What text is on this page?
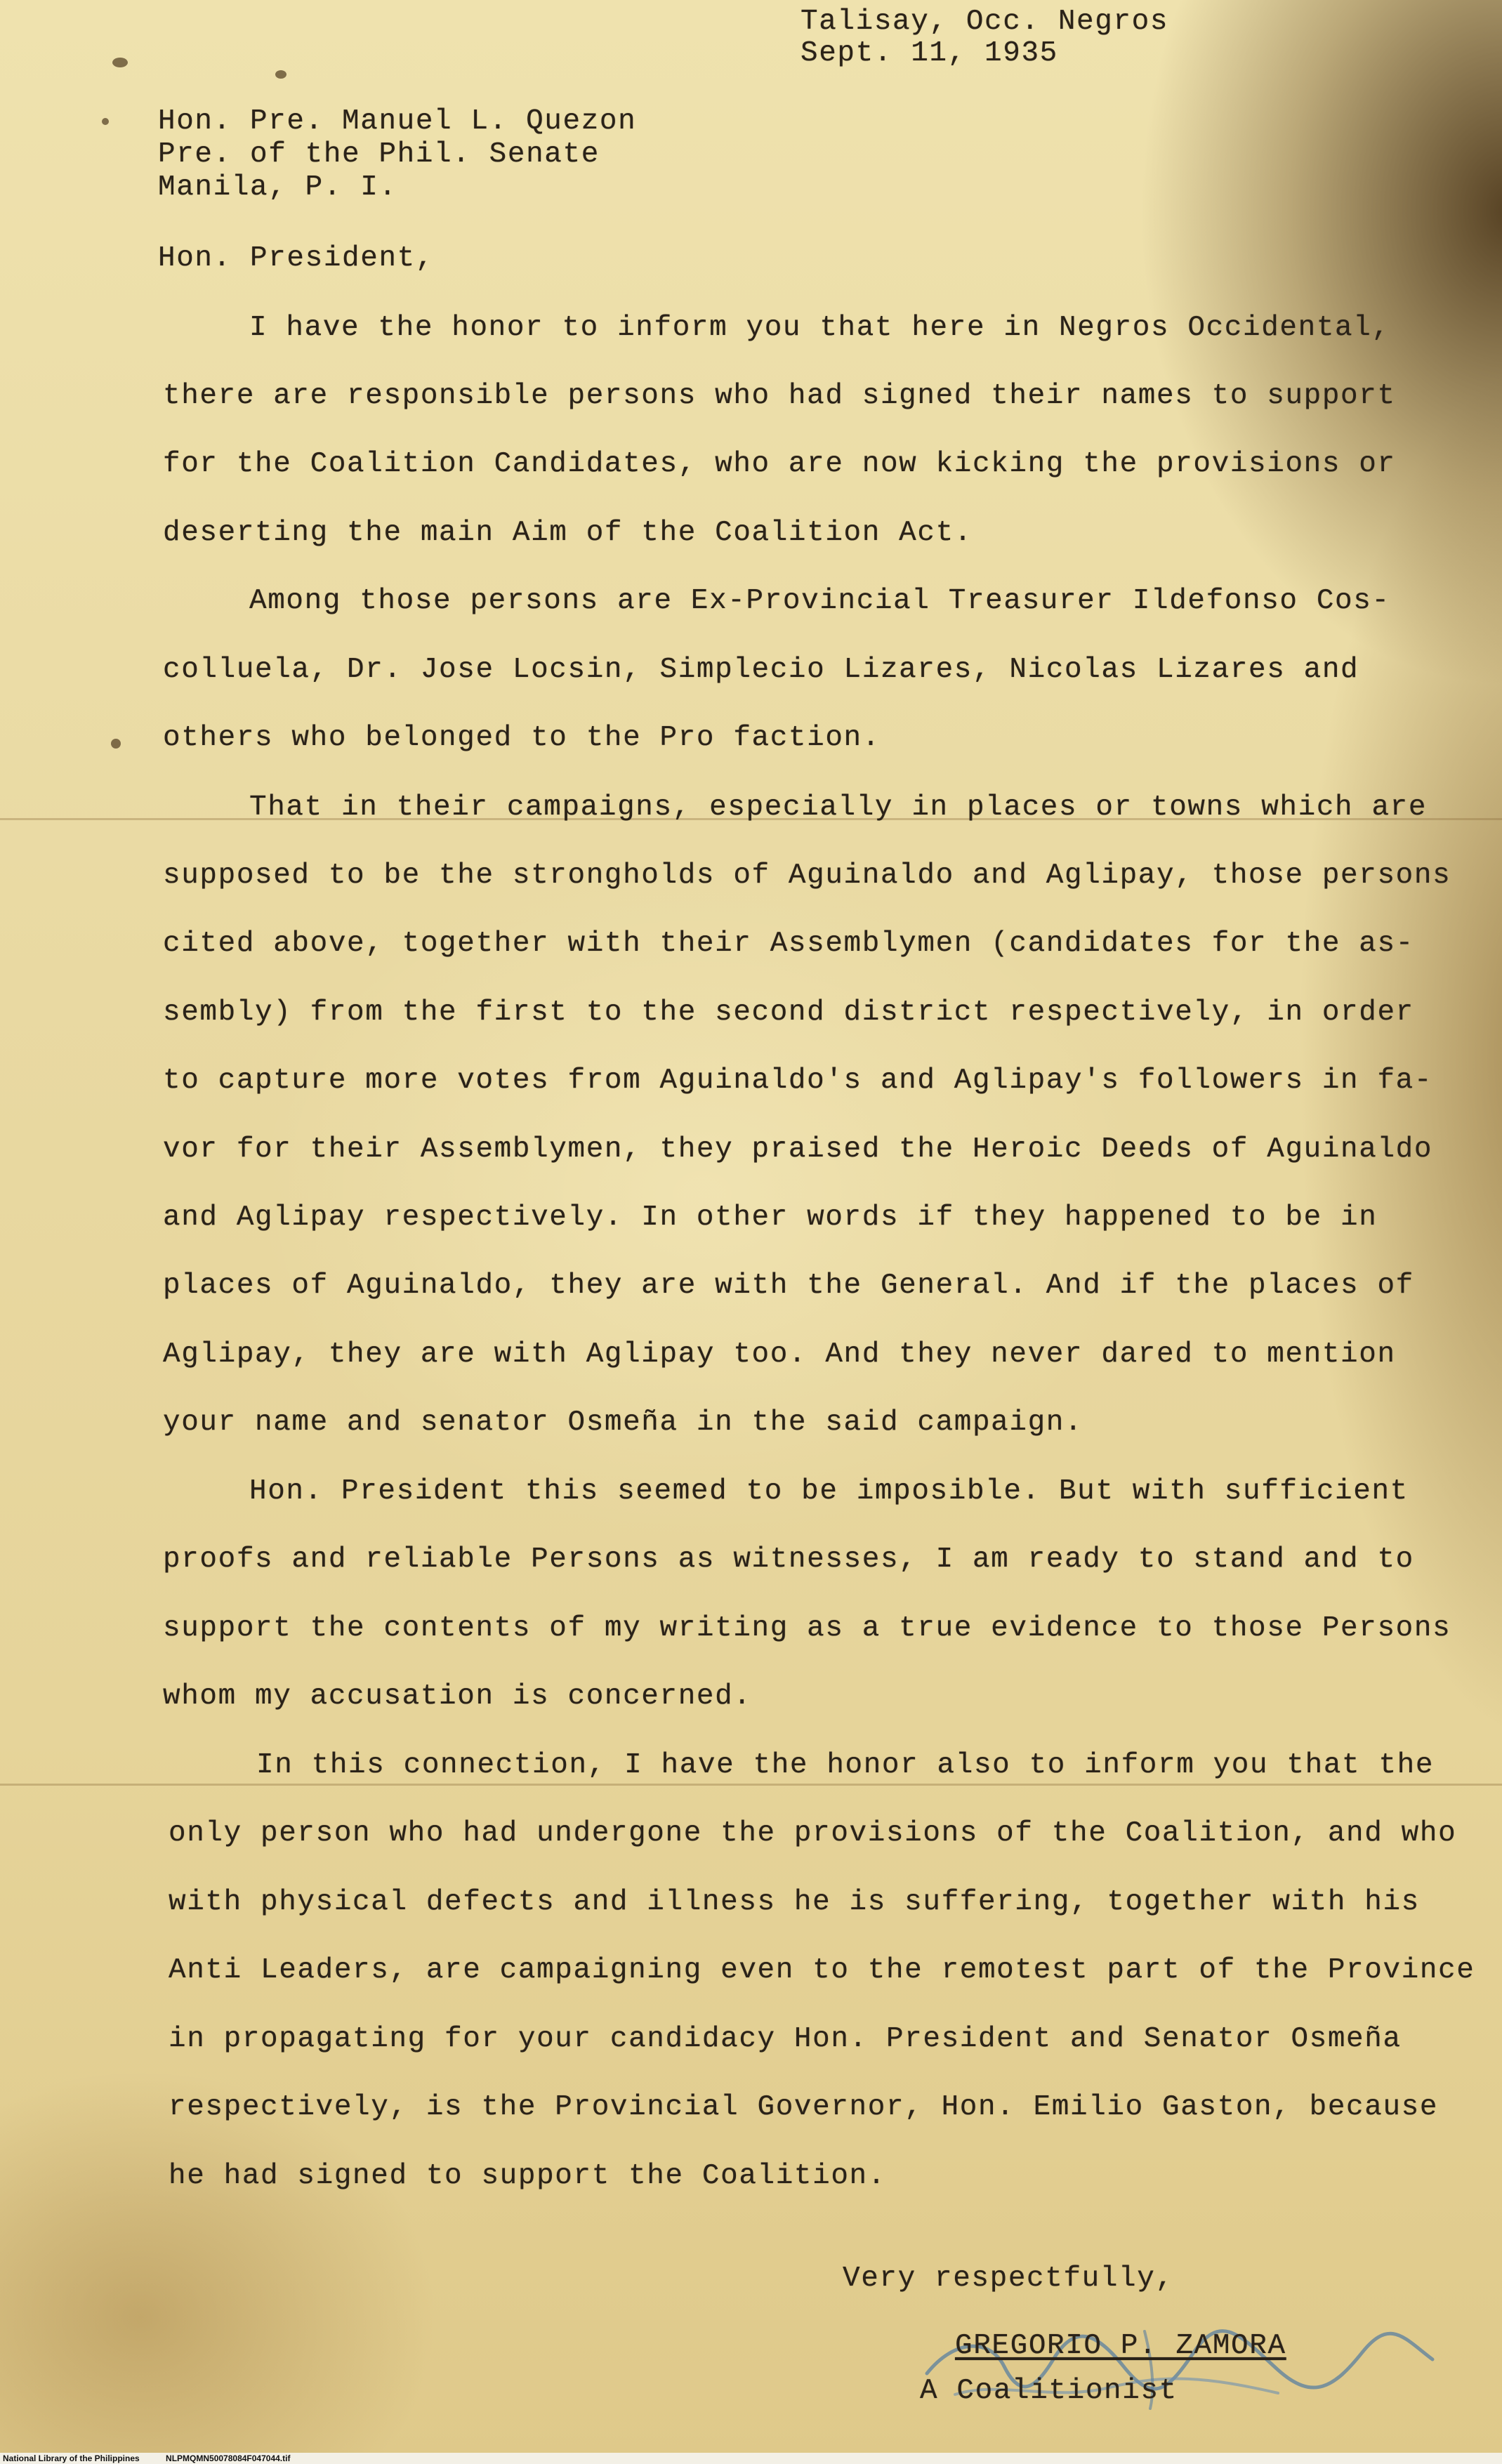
Talisay, Occ. Negros
Sept. 11, 1935
Hon. Pre. Manuel L. Quezon
Pre. of the Phil. Senate
Manila, P. I.
Hon. President,
I have the honor to inform you that here in Negros Occidental,
there are responsible persons who had signed their names to support
for the Coalition Candidates, who are now kicking the provisions or
deserting the main Aim of the Coalition Act.
Among those persons are Ex-Provincial Treasurer Ildefonso Cos-
colluela, Dr. Jose Locsin, Simplecio Lizares, Nicolas Lizares and
others who belonged to the Pro faction.
That in their campaigns, especially in places or towns which are
supposed to be the strongholds of Aguinaldo and Aglipay, those persons
cited above, together with their Assemblymen (candidates for the as-
sembly) from the first to the second district respectively, in order
to capture more votes from Aguinaldo's and Aglipay's followers in fa-
vor for their Assemblymen, they praised the Heroic Deeds of Aguinaldo
and Aglipay respectively. In other words if they happened to be in
places of Aguinaldo, they are with the General. And if the places of
Aglipay, they are with Aglipay too. And they never dared to mention
your name and senator Osmeña in the said campaign.
Hon. President this seemed to be imposible. But with sufficient
proofs and reliable Persons as witnesses, I am ready to stand and to
support the contents of my writing as a true evidence to those Persons
whom my accusation is concerned.
In this connection, I have the honor also to inform you that the
only person who had undergone the provisions of the Coalition, and who
with physical defects and illness he is suffering, together with his
Anti Leaders, are campaigning even to the remotest part of the Province
in propagating for your candidacy Hon. President and Senator Osmeña
respectively, is the Provincial Governor, Hon. Emilio Gaston, because
he had signed to support the Coalition.
Very respectfully,
GREGORIO P. ZAMORA
A Coalitionist
National Library of the Philippines	NLPMQMN50078084F047044.tif
